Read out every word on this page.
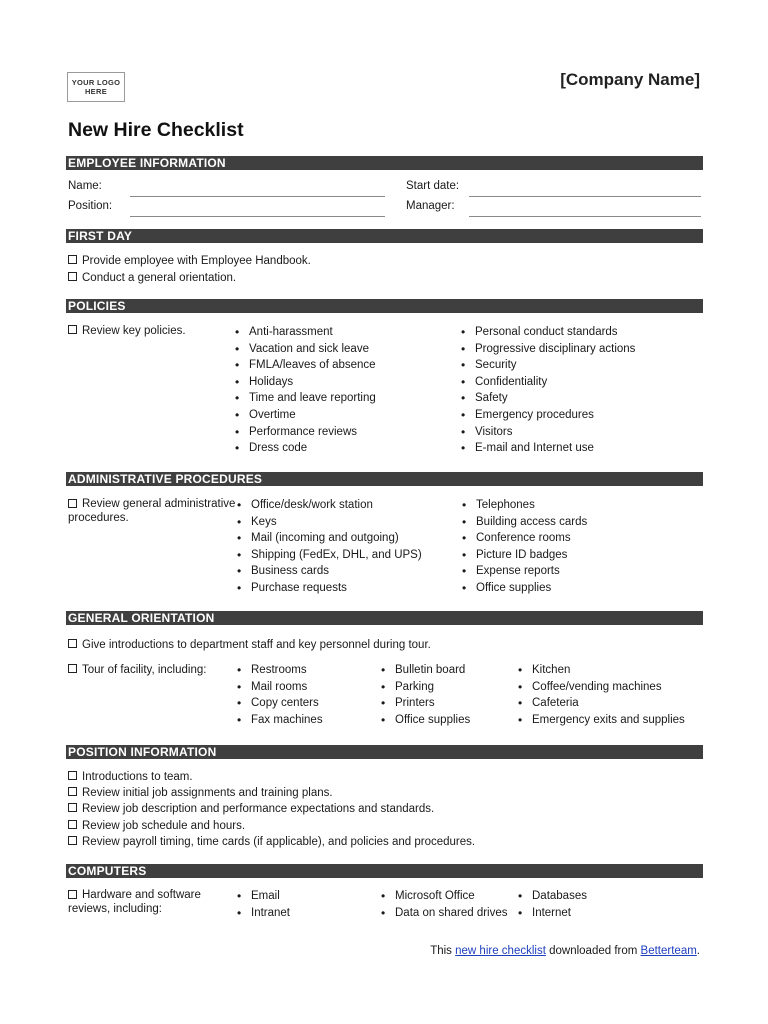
YOUR LOGO
HERE
[Company Name]
New Hire Checklist
EMPLOYEE INFORMATION
Name:
Position:
Start date:
Manager:
FIRST DAY
Provide employee with Employee Handbook.
Conduct a general orientation.
POLICIES
Review key policies.	• Anti-harassment
• Vacation and sick leave
• FMLA/leaves of absence
• Holidays
• Time and leave reporting
• Overtime
• Performance reviews
• Dress code
• Personal conduct standards
• Progressive disciplinary actions
• Security
• Confidentiality
• Safety
• Emergency procedures
• Visitors
• E-mail and Internet use
ADMINISTRATIVE PROCEDURES
Review general administrative procedures.
• Office/desk/work station
• Keys
• Mail (incoming and outgoing)
• Shipping (FedEx, DHL, and UPS)
• Business cards
• Purchase requests
• Telephones
• Building access cards
• Conference rooms
• Picture ID badges
• Expense reports
• Office supplies
GENERAL ORIENTATION
Give introductions to department staff and key personnel during tour.
Tour of facility, including:	• Restrooms
• Mail rooms
• Copy centers
• Fax machines
• Bulletin board
• Parking
• Printers
• Office supplies
• Kitchen
• Coffee/vending machines
• Cafeteria
• Emergency exits and supplies
POSITION INFORMATION
Introductions to team.
Review initial job assignments and training plans.
Review job description and performance expectations and standards.
Review job schedule and hours.
Review payroll timing, time cards (if applicable), and policies and procedures.
COMPUTERS
Hardware and software reviews, including:
• Email
• Intranet
• Microsoft Office
• Data on shared drives
• Databases
• Internet
This new hire checklist downloaded from Betterteam.
